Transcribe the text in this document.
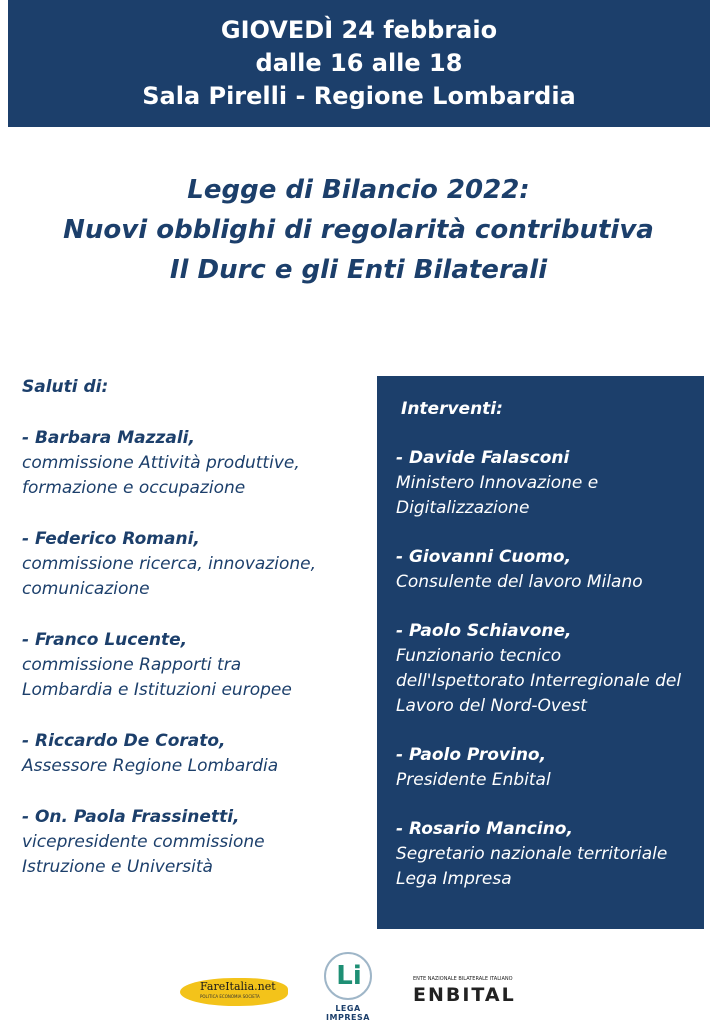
GIOVEDÌ 24 febbraio
dalle 16 alle 18
Sala Pirelli - Regione Lombardia
Legge di Bilancio 2022:
Nuovi obblighi di regolarità contributiva
Il Durc e gli Enti Bilaterali
Saluti di:
- Barbara Mazzali,
commissione Attività produttive,
formazione e occupazione
- Federico Romani,
commissione ricerca, innovazione,
comunicazione
- Franco Lucente,
commissione Rapporti tra
Lombardia e Istituzioni europee
- Riccardo De Corato,
Assessore Regione Lombardia
- On. Paola Frassinetti,
vicepresidente commissione
Istruzione e Università
Interventi:
- Davide Falasconi
Ministero Innovazione e
Digitalizzazione
- Giovanni Cuomo,
Consulente del lavoro Milano
- Paolo Schiavone,
Funzionario tecnico
dell'Ispettorato Interregionale del
Lavoro del Nord-Ovest
- Paolo Provino,
Presidente Enbital
- Rosario Mancino,
Segretario nazionale territoriale
Lega Impresa
FareItalia.net
POLITICA ECONOMIA SOCIETA
Li
LEGA IMPRESA
ENTE NAZIONALE BILATERALE ITALIANO
ENBITAL
